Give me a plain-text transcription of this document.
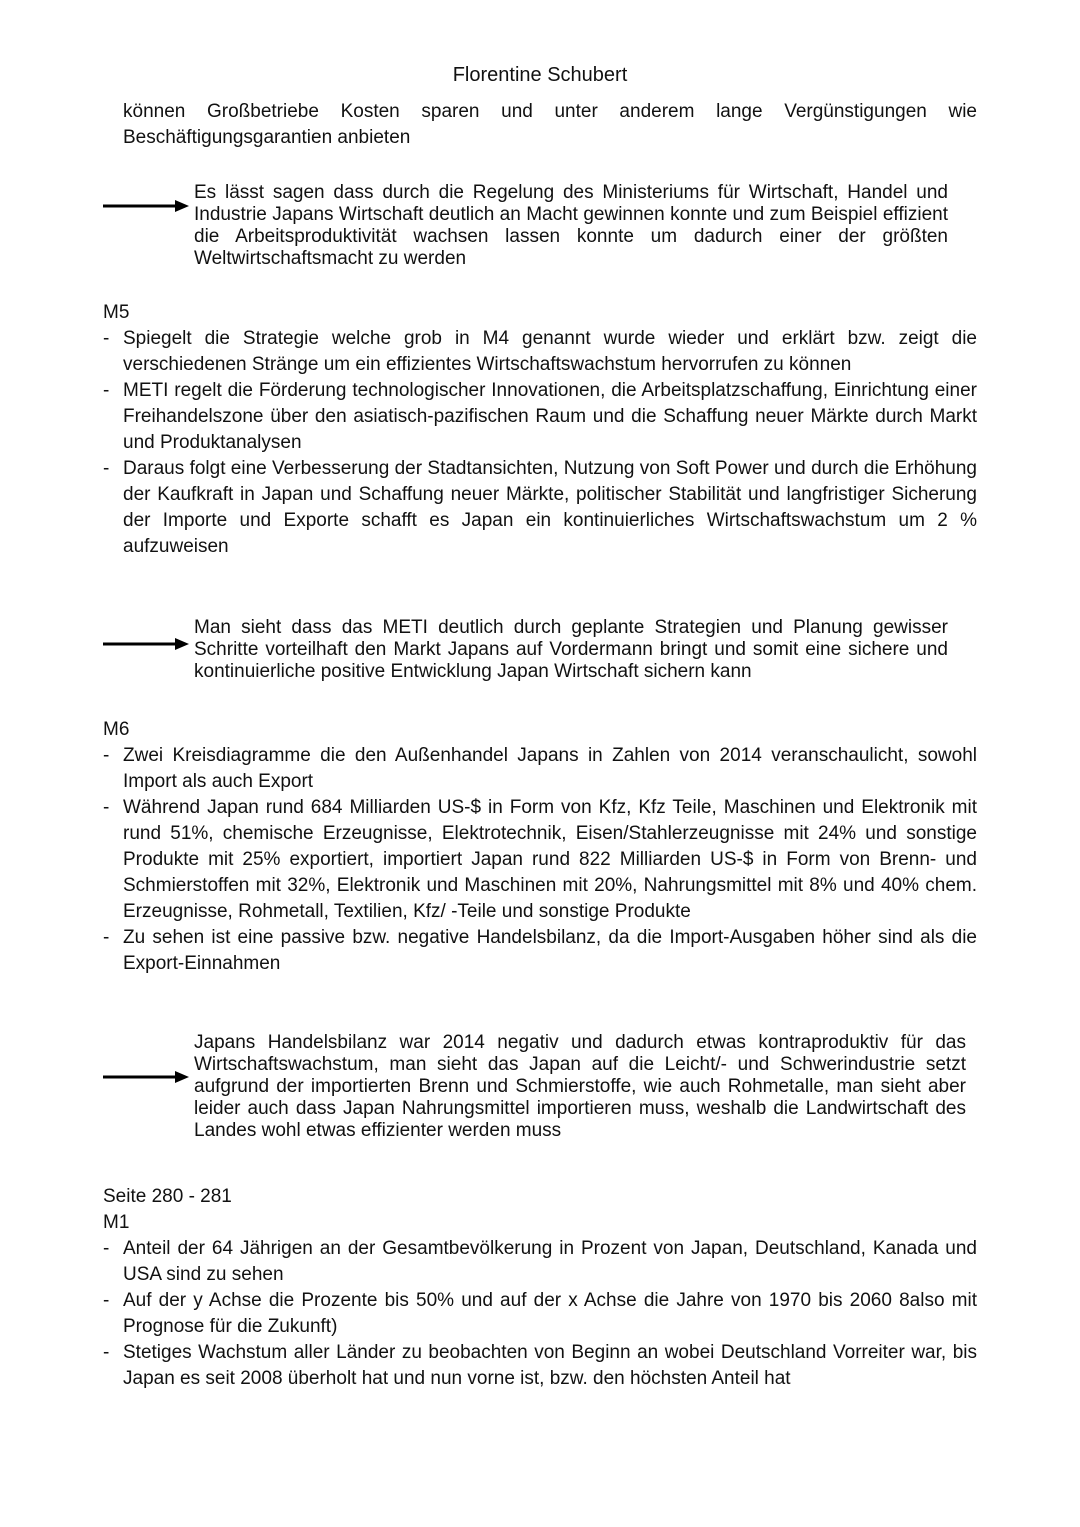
Florentine Schubert
können Großbetriebe Kosten sparen und unter anderem lange Vergünstigungen wie Beschäftigungsgarantien anbieten
Es lässt sagen dass durch die Regelung des Ministeriums für Wirtschaft, Handel und Industrie Japans Wirtschaft deutlich an Macht gewinnen konnte und zum Beispiel effizient die Arbeitsproduktivität wachsen lassen konnte um dadurch einer der größten Weltwirtschaftsmacht zu werden
M5
- Spiegelt die Strategie welche grob in M4 genannt wurde wieder und erklärt bzw. zeigt die verschiedenen Stränge um ein effizientes Wirtschaftswachstum hervorrufen zu können
- METI regelt die Förderung technologischer Innovationen, die Arbeitsplatzschaffung, Einrichtung einer Freihandelszone über den asiatisch-pazifischen Raum und die Schaffung neuer Märkte durch Markt und Produktanalysen
- Daraus folgt eine Verbesserung der Stadtansichten, Nutzung von Soft Power und durch die Erhöhung der Kaufkraft in Japan und Schaffung neuer Märkte, politischer Stabilität und langfristiger Sicherung der Importe und Exporte schafft es Japan ein kontinuierliches Wirtschaftswachstum um 2 % aufzuweisen
Man sieht dass das METI deutlich durch geplante Strategien und Planung gewisser Schritte vorteilhaft den Markt Japans auf Vordermann bringt und somit eine sichere und kontinuierliche positive Entwicklung Japan Wirtschaft sichern kann
M6
- Zwei Kreisdiagramme die den Außenhandel Japans in Zahlen von 2014 veranschaulicht, sowohl Import als auch Export
- Während Japan rund 684 Milliarden US-$ in Form von Kfz, Kfz Teile, Maschinen und Elektronik mit rund 51%, chemische Erzeugnisse, Elektrotechnik, Eisen/Stahlerzeugnisse mit 24% und sonstige Produkte mit 25% exportiert, importiert Japan rund 822 Milliarden US-$ in Form von Brenn- und Schmierstoffen mit 32%, Elektronik und Maschinen mit 20%, Nahrungsmittel mit 8% und 40% chem. Erzeugnisse, Rohmetall, Textilien, Kfz/ -Teile und sonstige Produkte
- Zu sehen ist eine passive bzw. negative Handelsbilanz, da die Import-Ausgaben höher sind als die Export-Einnahmen
Japans Handelsbilanz war 2014 negativ und dadurch etwas kontraproduktiv für das Wirtschaftswachstum, man sieht das Japan auf die Leicht/- und Schwerindustrie setzt aufgrund der importierten Brenn und Schmierstoffe, wie auch Rohmetalle, man sieht aber leider auch dass Japan Nahrungsmittel importieren muss, weshalb die Landwirtschaft des Landes wohl etwas effizienter werden muss
Seite 280 - 281
M1
- Anteil der 64 Jährigen an der Gesamtbevölkerung in Prozent von Japan, Deutschland, Kanada und USA sind zu sehen
- Auf der y Achse die Prozente bis 50% und auf der x Achse die Jahre von 1970 bis 2060 8also mit Prognose für die Zukunft)
- Stetiges Wachstum aller Länder zu beobachten von Beginn an wobei Deutschland Vorreiter war, bis Japan es seit 2008 überholt hat und nun vorne ist, bzw. den höchsten Anteil hat
